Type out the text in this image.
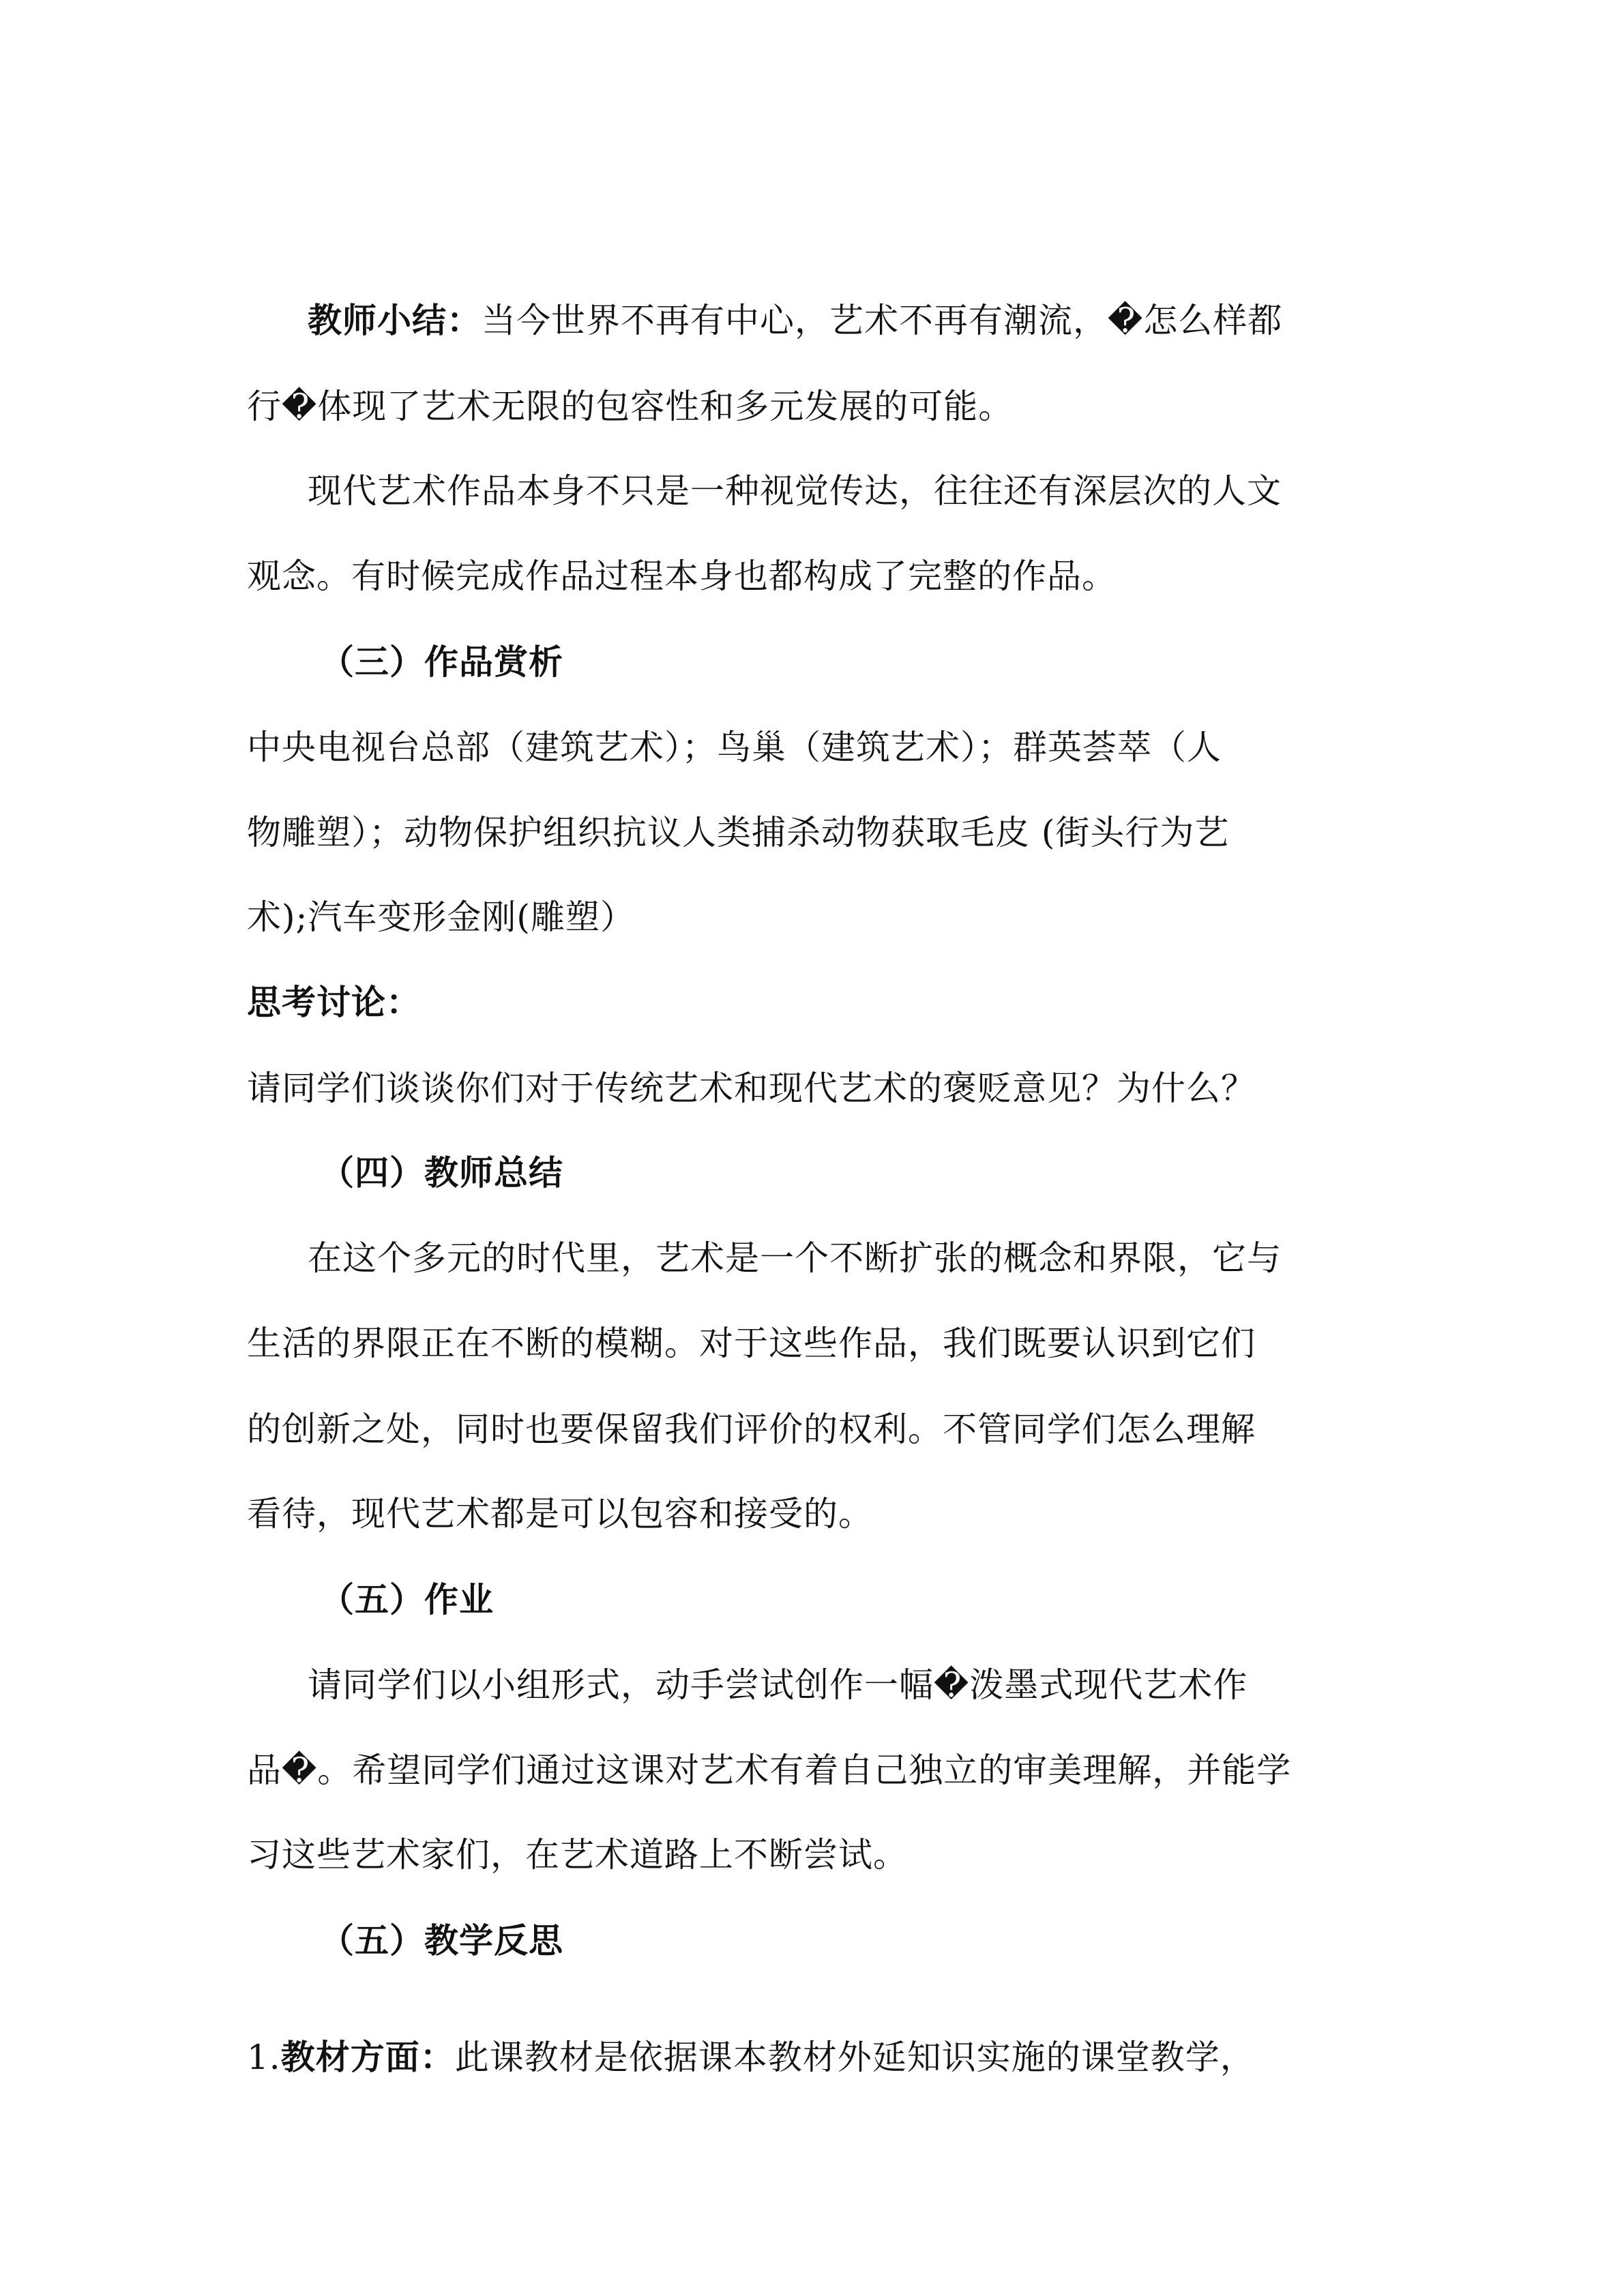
教师小结：当今世界不再有中心，艺术不再有潮流，�怎么样都
行�体现了艺术无限的包容性和多元发展的可能。
现代艺术作品本身不只是一种视觉传达，往往还有深层次的人文
观念。有时候完成作品过程本身也都构成了完整的作品。
（三）作品赏析
中央电视台总部（建筑艺术）；鸟巢（建筑艺术）；群英荟萃（人
物雕塑）；动物保护组织抗议人类捕杀动物获取毛皮 (街头行为艺
术);汽车变形金刚(雕塑）
思考讨论：
请同学们谈谈你们对于传统艺术和现代艺术的褒贬意见？为什么？
（四）教师总结
在这个多元的时代里，艺术是一个不断扩张的概念和界限，它与
生活的界限正在不断的模糊。对于这些作品，我们既要认识到它们
的创新之处，同时也要保留我们评价的权利。不管同学们怎么理解
看待，现代艺术都是可以包容和接受的。
（五）作业
请同学们以小组形式，动手尝试创作一幅�泼墨式现代艺术作
品�。希望同学们通过这课对艺术有着自己独立的审美理解，并能学
习这些艺术家们，在艺术道路上不断尝试。
（五）教学反思
1.教材方面：此课教材是依据课本教材外延知识实施的课堂教学，
